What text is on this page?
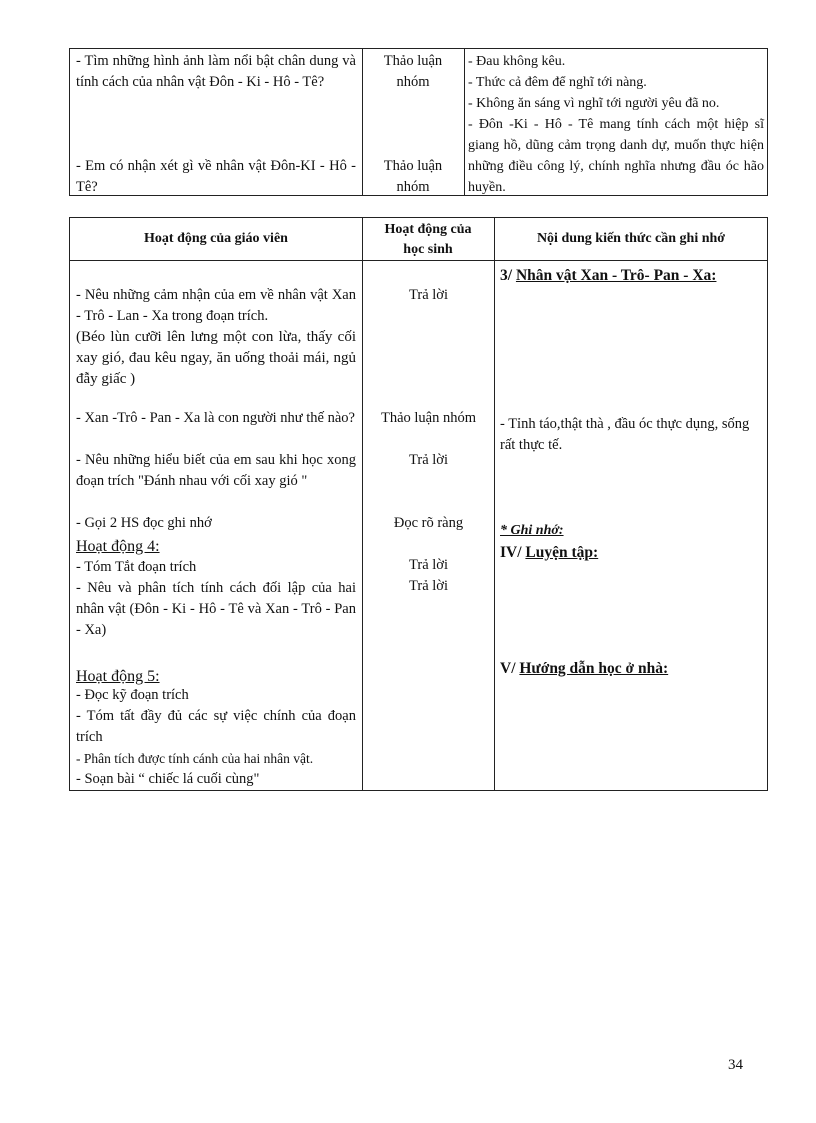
- Tìm những hình ảnh làm nổi bật chân dung và tính cách của nhân vật Đôn - Ki - Hô - Tê?

- Em có nhận xét gì về nhân vật Đôn-KI - Hô - Tê?

Thảo luận nhóm

Thảo luận nhóm

- Đau không kêu.
- Thức cả đêm để nghĩ tới nàng.
- Không ăn sáng vì nghĩ tới người yêu đã no.
- Đôn -Ki - Hô - Tê mang tính cách một hiệp sĩ giang hồ, dũng cảm trọng danh dự, muốn thực hiện những điều công lý, chính nghĩa nhưng đầu óc hão huyền.
Hoạt động của giáo viên
Hoạt động của học sinh
Nội dung kiến thức cần ghi nhớ

- Nêu những cảm nhận của em về nhân vật Xan - Trô - Lan - Xa trong đoạn trích.

(Béo lùn cưỡi lên lưng một con lừa, thấy cối xay gió, đau kêu ngay, ăn uống thoải mái, ngủ đẫy giấc )

- Xan -Trô - Pan - Xa là con người như thế nào?

- Nêu những hiểu biết của em sau khi học xong đoạn trích "Đánh nhau với cối xay gió "

- Gọi 2 HS đọc ghi nhớ

Hoạt động 4:

- Tóm Tắt đoạn trích

- Nêu và phân tích tính cách đối lập của hai nhân vật (Đôn - Ki - Hô - Tê và Xan - Trô - Pan - Xa)

Hoạt động 5:

- Đọc kỹ đoạn trích

- Tóm tất đầy đủ các sự việc chính của đoạn trích

- Phân tích được tính cánh của hai nhân vật.

- Soạn bài “ chiếc lá cuối cùng"

Trả lời

Thảo luận nhóm

Trả lời

Đọc rõ ràng

Trả lời

Trả lời

3/ Nhân vật Xan - Trô- Pan - Xa:

- Tỉnh táo,thật thà , đầu óc thực dụng, sống rất thực tế.

* Ghi nhớ:

IV/ Luyện tập:

V/ Hướng dẫn học ở nhà:

34
